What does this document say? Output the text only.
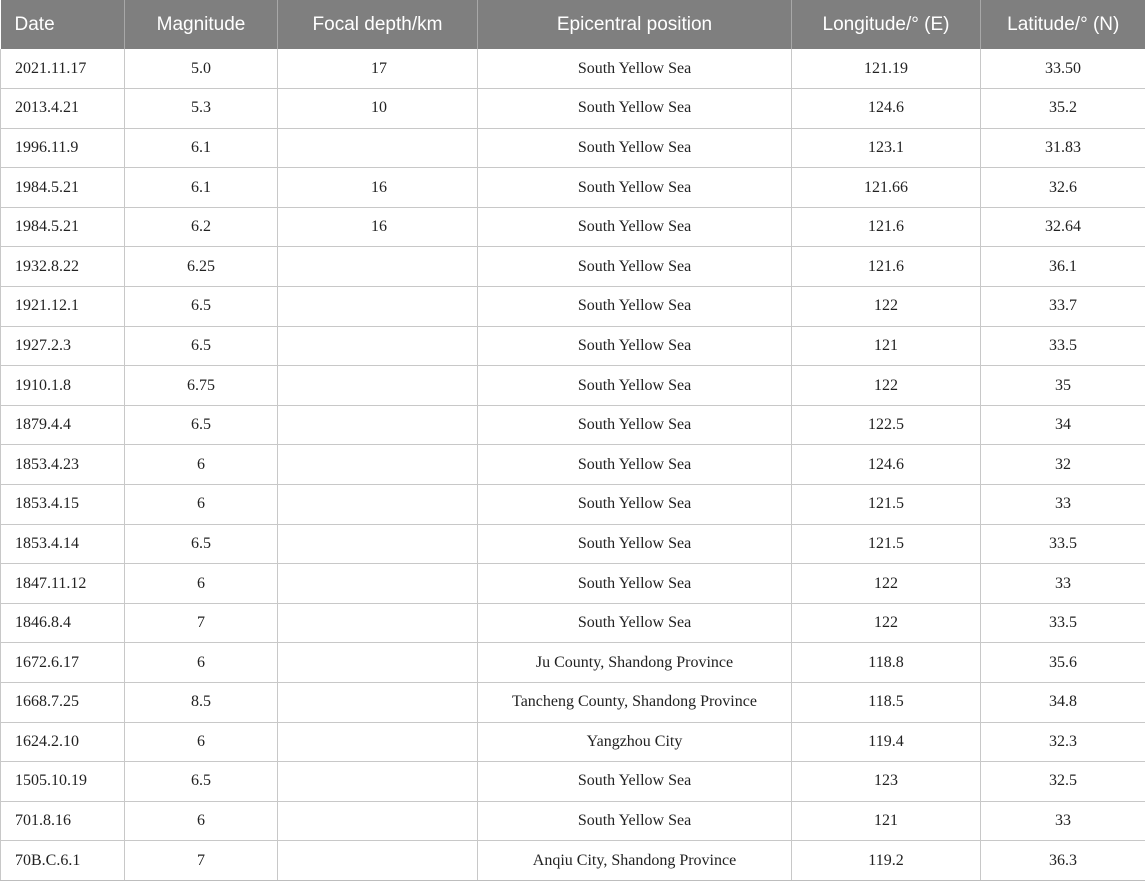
Date	Magnitude	Focal depth/km	Epicentral position	Longitude/° (E)	Latitude/° (N)
2021.11.17	5.0	17	South Yellow Sea	121.19	33.50
2013.4.21	5.3	10	South Yellow Sea	124.6	35.2
1996.11.9	6.1		South Yellow Sea	123.1	31.83
1984.5.21	6.1	16	South Yellow Sea	121.66	32.6
1984.5.21	6.2	16	South Yellow Sea	121.6	32.64
1932.8.22	6.25		South Yellow Sea	121.6	36.1
1921.12.1	6.5		South Yellow Sea	122	33.7
1927.2.3	6.5		South Yellow Sea	121	33.5
1910.1.8	6.75		South Yellow Sea	122	35
1879.4.4	6.5		South Yellow Sea	122.5	34
1853.4.23	6		South Yellow Sea	124.6	32
1853.4.15	6		South Yellow Sea	121.5	33
1853.4.14	6.5		South Yellow Sea	121.5	33.5
1847.11.12	6		South Yellow Sea	122	33
1846.8.4	7		South Yellow Sea	122	33.5
1672.6.17	6		Ju County, Shandong Province	118.8	35.6
1668.7.25	8.5		Tancheng County, Shandong Province	118.5	34.8
1624.2.10	6		Yangzhou City	119.4	32.3
1505.10.19	6.5		South Yellow Sea	123	32.5
701.8.16	6		South Yellow Sea	121	33
70B.C.6.1	7		Anqiu City, Shandong Province	119.2	36.3
